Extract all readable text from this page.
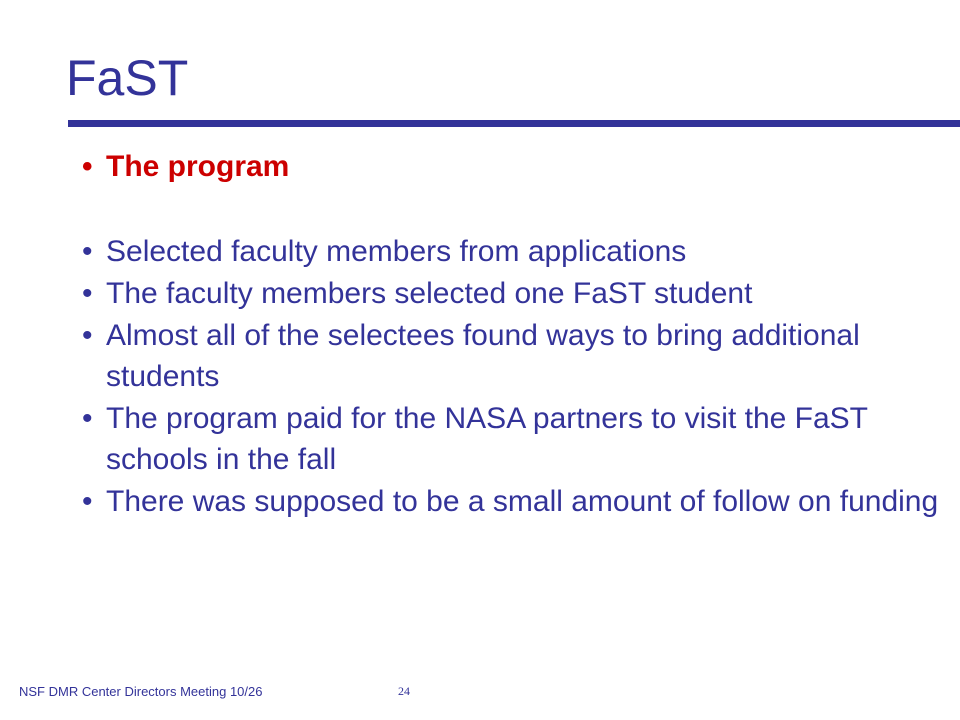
FaST
• The program
• Selected faculty members from applications
• The faculty members selected one FaST student
• Almost all of the selectees found ways to bring additional students
• The program paid for the NASA partners to visit the FaST schools in the fall
• There was supposed to be a small amount of follow on funding
NSF DMR Center Directors Meeting 10/26	24
